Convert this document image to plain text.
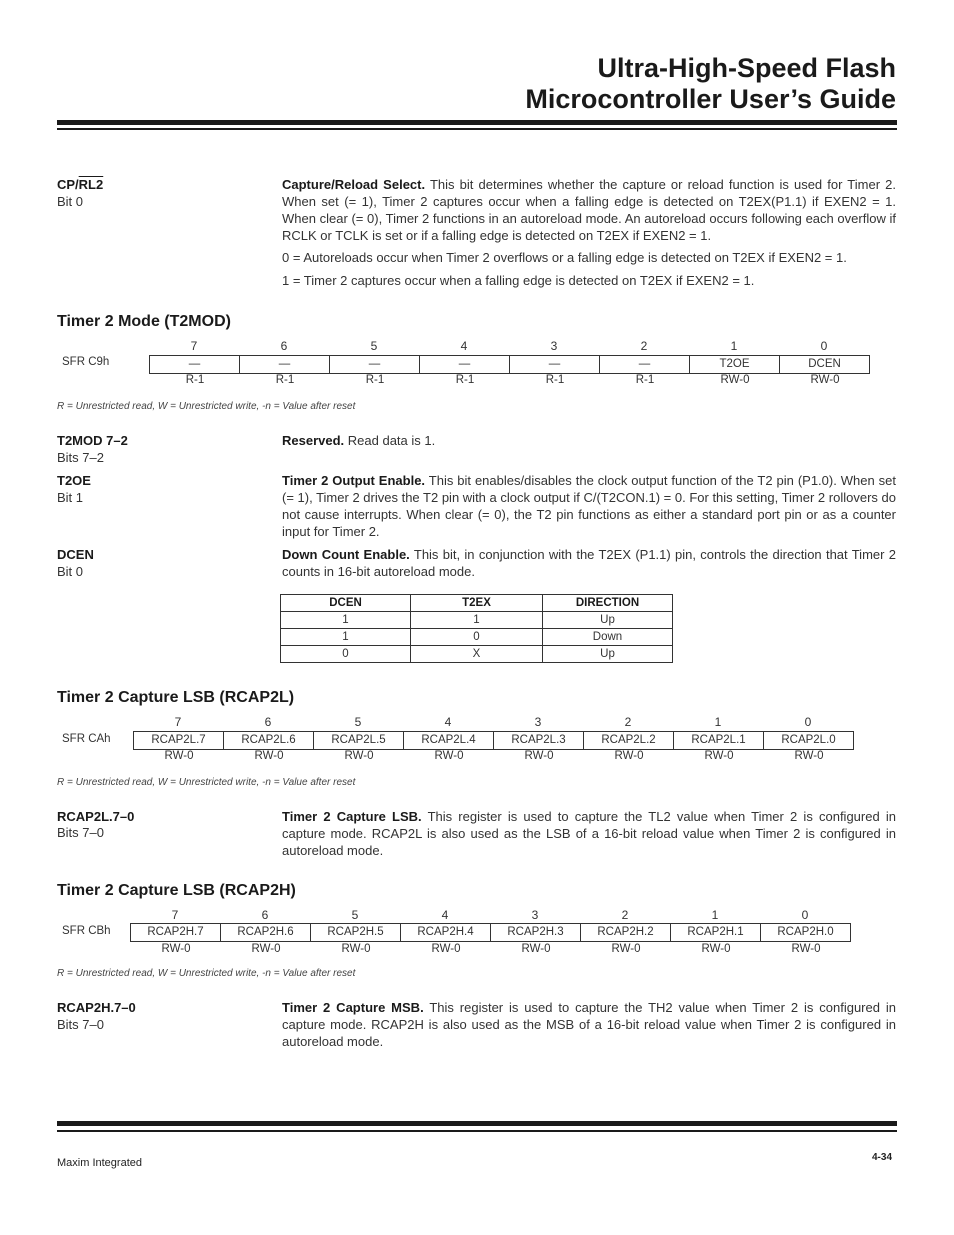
Ultra-High-Speed Flash
Microcontroller User’s Guide
CP/RL2
Bit 0
Capture/Reload Select. This bit determines whether the capture or reload function is used for Timer 2. When set (= 1), Timer 2 captures occur when a falling edge is detected on T2EX(P1.1) if EXEN2 = 1. When clear (= 0), Timer 2 functions in an autoreload mode. An autoreload occurs following each overflow if RCLK or TCLK is set or if a falling edge is detected on T2EX if EXEN2 = 1.
0 = Autoreloads occur when Timer 2 overflows or a falling edge is detected on T2EX if EXEN2 = 1.
1 = Timer 2 captures occur when a falling edge is detected on T2EX if EXEN2 = 1.
Timer 2 Mode (T2MOD)
7	6	5	4	3	2	1	0
SFR C9h	—	—	—	—	—	—	T2OE	DCEN
R-1	R-1	R-1	R-1	R-1	R-1	RW-0	RW-0
R = Unrestricted read, W = Unrestricted write, -n = Value after reset
T2MOD 7–2
Bits 7–2
Reserved. Read data is 1.
T2OE
Bit 1
Timer 2 Output Enable. This bit enables/disables the clock output function of the T2 pin (P1.0). When set (= 1), Timer 2 drives the T2 pin with a clock output if C/(T2CON.1) = 0. For this setting, Timer 2 rollovers do not cause interrupts. When clear (= 0), the T2 pin functions as either a standard port pin or as a counter input for Timer 2.
DCEN
Bit 0
Down Count Enable. This bit, in conjunction with the T2EX (P1.1) pin, controls the direction that Timer 2 counts in 16-bit autoreload mode.
DCEN	T2EX	DIRECTION
1	1	Up
1	0	Down
0	X	Up
Timer 2 Capture LSB (RCAP2L)
7	6	5	4	3	2	1	0
SFR CAh	RCAP2L.7	RCAP2L.6	RCAP2L.5	RCAP2L.4	RCAP2L.3	RCAP2L.2	RCAP2L.1	RCAP2L.0
RW-0	RW-0	RW-0	RW-0	RW-0	RW-0	RW-0	RW-0
R = Unrestricted read, W = Unrestricted write, -n = Value after reset
RCAP2L.7–0
Bits 7–0
Timer 2 Capture LSB. This register is used to capture the TL2 value when Timer 2 is configured in capture mode. RCAP2L is also used as the LSB of a 16-bit reload value when Timer 2 is configured in autoreload mode.
Timer 2 Capture LSB (RCAP2H)
7	6	5	4	3	2	1	0
SFR CBh	RCAP2H.7	RCAP2H.6	RCAP2H.5	RCAP2H.4	RCAP2H.3	RCAP2H.2	RCAP2H.1	RCAP2H.0
RW-0	RW-0	RW-0	RW-0	RW-0	RW-0	RW-0	RW-0
R = Unrestricted read, W = Unrestricted write, -n = Value after reset
RCAP2H.7–0
Bits 7–0
Timer 2 Capture MSB. This register is used to capture the TH2 value when Timer 2 is configured in capture mode. RCAP2H is also used as the MSB of a 16-bit reload value when Timer 2 is configured in autoreload mode.
Maxim Integrated	4-34
